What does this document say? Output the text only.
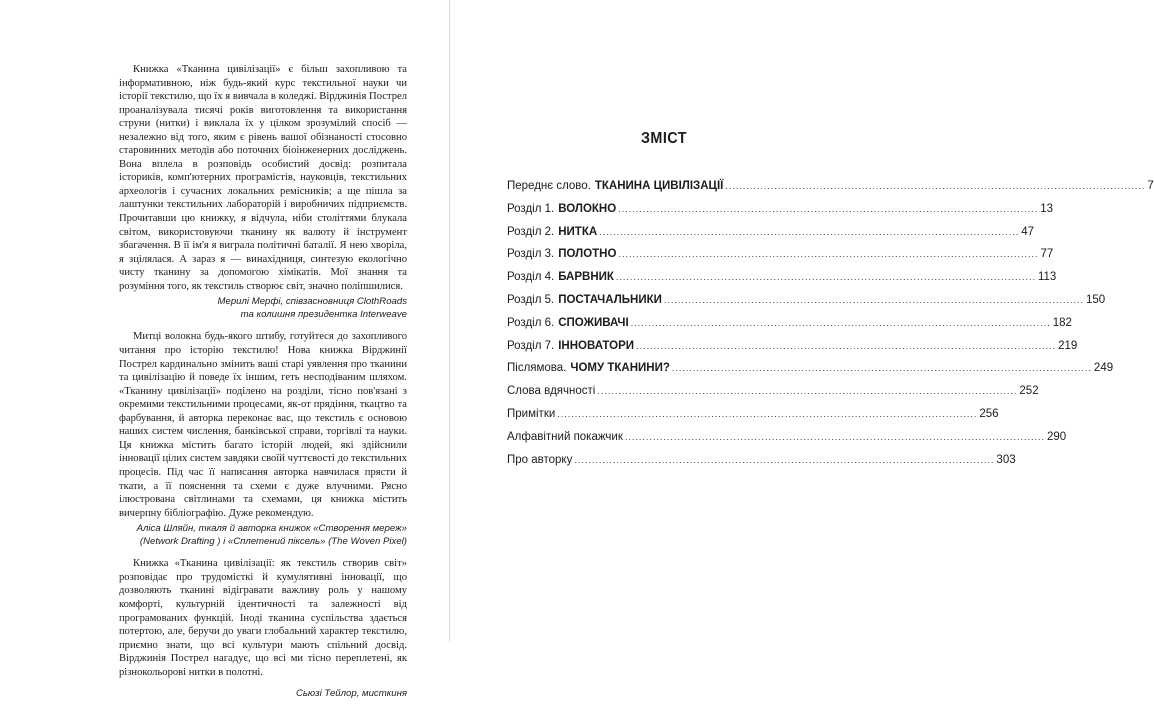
Книжка «Тканина цивілізації» є більш захопливою та інформативною, ніж будь-який курс текстильної науки чи історії текстилю, що їх я вивчала в коледжі. Вірджинія Пострел проаналізувала тисячі років виготовлення та використання струни (нитки) і виклала їх у цілком зрозумілий спосіб — незалежно від того, яким є рівень вашої обізнаності стосовно старовинних методів або поточних біоінженерних досліджень. Вона вплела в розповідь особистий досвід: розпитала істориків, комп'ютерних програмістів, науковців, текстильних археологів і сучасних локальних ремісників; а ще пішла за лаштунки текстильних лабораторій і виробничих підприємств. Прочитавши цю книжку, я відчула, ніби століттями блукала світом, використовуючи тканину як валюту й інструмент збагачення. В її ім'я я виграла політичні баталії. Я нею хворіла, я зцілялася. А зараз я — винахідниця, синтезую екологічно чисту тканину за допомогою хімікатів. Мої знання та розуміння того, як текстиль створює світ, значно поліпшилися.

Мерилі Мерфі, співзасновниця ClothRoads
та колишня президентка Interweave

Митці волокна будь-якого штибу, готуйтеся до захопливого читання про історію текстилю! Нова книжка Вірджинії Пострел кардинально змінить ваші старі уявлення про тканини та цивілізацію й поведе їх іншим, геть несподіваним шляхом. «Тканину цивілізації» поділено на розділи, тісно пов'язані з окремими текстильними процесами, як-от прядіння, ткацтво та фарбування, й авторка переконає вас, що текстиль є основою наших систем числення, банківської справи, торгівлі та науки. Ця книжка містить багато історій людей, які здійснили інновації цілих систем завдяки своїй чуттєвості до текстильних процесів. Під час її написання авторка навчилася прясти й ткати, а її пояснення та схеми є дуже влучними. Рясно ілюстрована світлинами та схемами, ця книжка містить вичерпну бібліографію. Дуже рекомендую.

Аліса Шляйн, ткаля й авторка книжок «Створення мереж»
(Network Drafting ) і «Сплетений піксель» (The Woven Pixel)

Книжка «Тканина цивілізації: як текстиль створив світ» розповідає про трудомісткі й кумулятивні інновації, що дозволяють тканині відігравати важливу роль у нашому комфорті, культурній ідентичності та залежності від програмованих функцій. Іноді тканина суспільства здається потертою, але, беручи до уваги глобальний характер текстилю, приємно знати, що всі культури мають спільний досвід. Вірджинія Пострел нагадує, що всі ми тісно переплетені, як різнокольорові нитки в полотні.

Сьюзі Тейлор, мисткиня
ЗМІСТ
Переднє слово. ТКАНИНА ЦИВІЛІЗАЦІЇ ........................................................................................................................ 7
Розділ 1. ВОЛОКНО ........................................................................................................................ 13
Розділ 2. НИТКА ........................................................................................................................ 47
Розділ 3. ПОЛОТНО ........................................................................................................................ 77
Розділ 4. БАРВНИК ........................................................................................................................ 113
Розділ 5. ПОСТАЧАЛЬНИКИ ........................................................................................................................ 150
Розділ 6. СПОЖИВАЧІ ........................................................................................................................ 182
Розділ 7. ІННОВАТОРИ ........................................................................................................................ 219
Післямова. ЧОМУ ТКАНИНИ? ........................................................................................................................ 249
Слова вдячності ........................................................................................................................ 252
Примітки ........................................................................................................................ 256
Алфавітний покажчик ........................................................................................................................ 290
Про авторку ........................................................................................................................ 303
